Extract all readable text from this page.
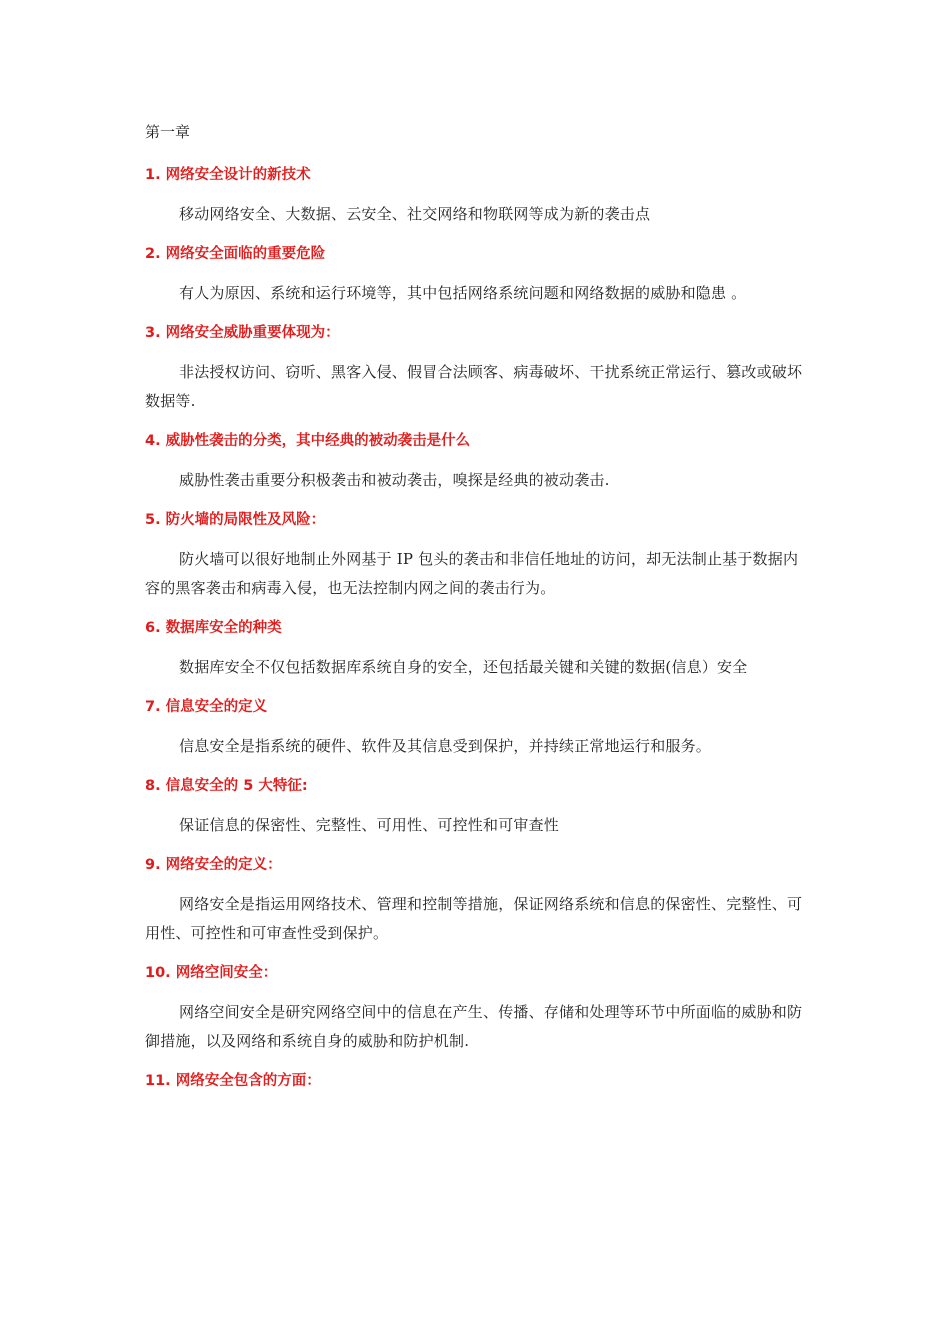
第一章
1. 网络安全设计的新技术
移动网络安全、大数据、云安全、社交网络和物联网等成为新的袭击点
2. 网络安全面临的重要危险
有人为原因、系统和运行环境等，其中包括网络系统问题和网络数据的威胁和隐患 。
3. 网络安全威胁重要体现为：
非法授权访问、窃听、黑客入侵、假冒合法顾客、病毒破坏、干扰系统正常运行、篡改或破坏数据等.
4. 威胁性袭击的分类，其中经典的被动袭击是什么
威胁性袭击重要分积极袭击和被动袭击，嗅探是经典的被动袭击.
5. 防火墙的局限性及风险：
防火墙可以很好地制止外网基于 IP 包头的袭击和非信任地址的访问，却无法制止基于数据内容的黑客袭击和病毒入侵，也无法控制内网之间的袭击行为。
6. 数据库安全的种类
数据库安全不仅包括数据库系统自身的安全，还包括最关键和关键的数据(信息）安全
7. 信息安全的定义
信息安全是指系统的硬件、软件及其信息受到保护，并持续正常地运行和服务。
8. 信息安全的 5 大特征:
保证信息的保密性、完整性、可用性、可控性和可审查性
9. 网络安全的定义：
网络安全是指运用网络技术、管理和控制等措施，保证网络系统和信息的保密性、完整性、可用性、可控性和可审查性受到保护。
10. 网络空间安全：
网络空间安全是研究网络空间中的信息在产生、传播、存储和处理等环节中所面临的威胁和防御措施，以及网络和系统自身的威胁和防护机制.
11. 网络安全包含的方面：
